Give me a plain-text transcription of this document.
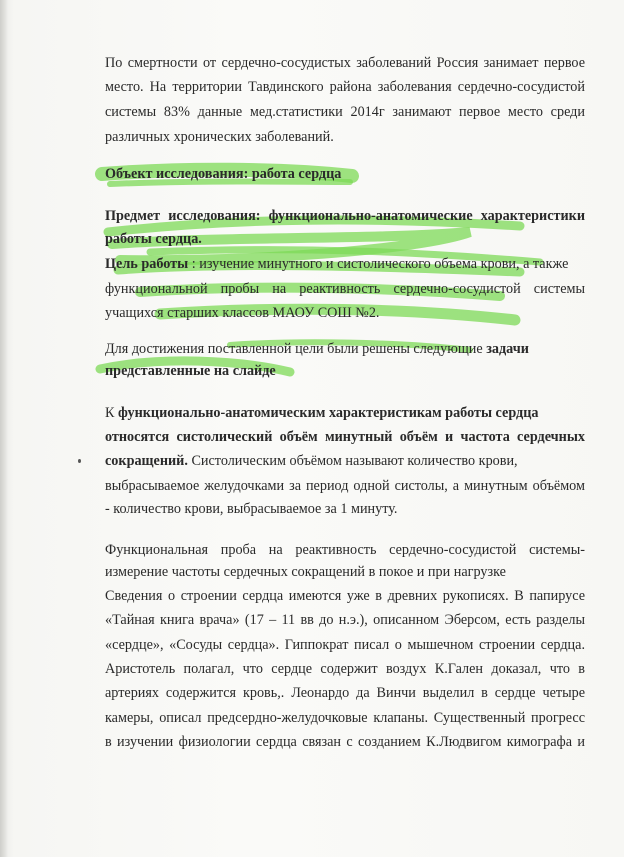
По смертности от сердечно-сосудистых заболеваний Россия занимает первое
место. На территории Тавдинского района заболевания сердечно-сосудистой
системы 83% данные мед.статистики 2014г занимают первое место среди
различных хронических заболеваний.
Объект исследования: работа сердца
Предмет исследования: функционально-анатомические характеристики
работы сердца.
Цель работы : изучение минутного и систолического объема крови, а также
функциональной пробы на реактивность сердечно-сосудистой системы
учащихся старших классов МАОУ СОШ №2.
Для достижения поставленной цели были решены следующие задачи
представленные на слайде
К функционально-анатомическим характеристикам работы сердца
относятся систолический объём минутный объём и частота сердечных
сокращений. Систолическим объёмом называют количество крови,
выбрасываемое желудочками за период одной систолы, а минутным объёмом
- количество крови, выбрасываемое за 1 минуту.
Функциональная проба на реактивность сердечно-сосудистой системы-
измерение частоты сердечных сокращений в покое и при нагрузке
Сведения о строении сердца имеются уже в древних рукописях. В папирусе
«Тайная книга врача» (17 – 11 вв до н.э.), описанном Эберсом, есть разделы
«сердце», «Сосуды сердца». Гиппократ писал о мышечном строении сердца.
Аристотель полагал, что сердце содержит воздух К.Гален доказал, что в
артериях содержится кровь,. Леонардо да Винчи выделил в сердце четыре
камеры, описал предсердно-желудочковые клапаны. Существенный прогресс
в изучении физиологии сердца связан с созданием К.Людвигом кимографа и
